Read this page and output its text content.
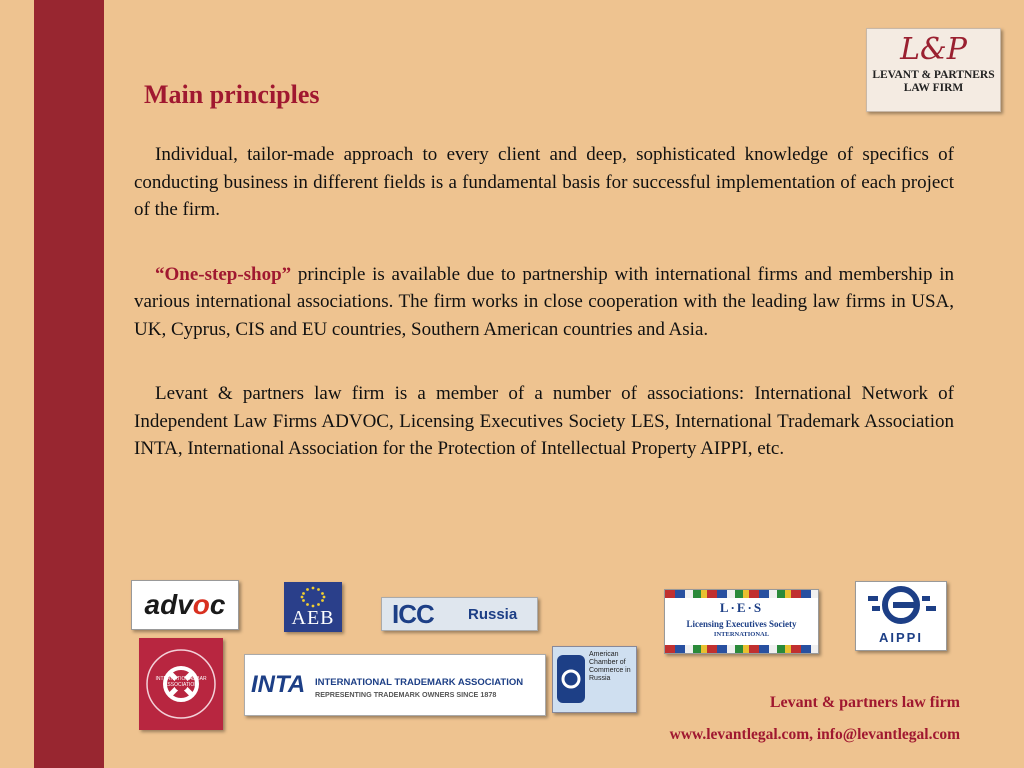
Main principles

Individual, tailor-made approach to every client and deep, sophisticated knowledge of specifics of conducting business in different fields is a fundamental basis for successful implementation of each project of the firm.

“One-step-shop” principle is available due to partnership with international firms and membership in various international associations. The firm works in close cooperation with the leading law firms in USA, UK, Cyprus, CIS and EU countries, Southern American countries and Asia.

Levant & partners law firm is a member of a number of associations: International Network of Independent Law Firms ADVOC, Licensing Executives Society LES, International Trademark Association INTA, International Association for the Protection of Intellectual Property AIPPI, etc.

L&P
LEVANT & PARTNERS
LAW FIRM
advoc	AEB ICC Russia	L·E·S
Licensing Executives Society
INTERNATIONAL	AIPPI
INTERNATIONAL BAR ASSOCIATION	INTA INTERNATIONAL TRADEMARK ASSOCIATION
REPRESENTING TRADEMARK OWNERS SINCE 1878
American Chamber of Commerce in Russia

Levant & partners law firm

www.levantlegal.com, info@levantlegal.com
